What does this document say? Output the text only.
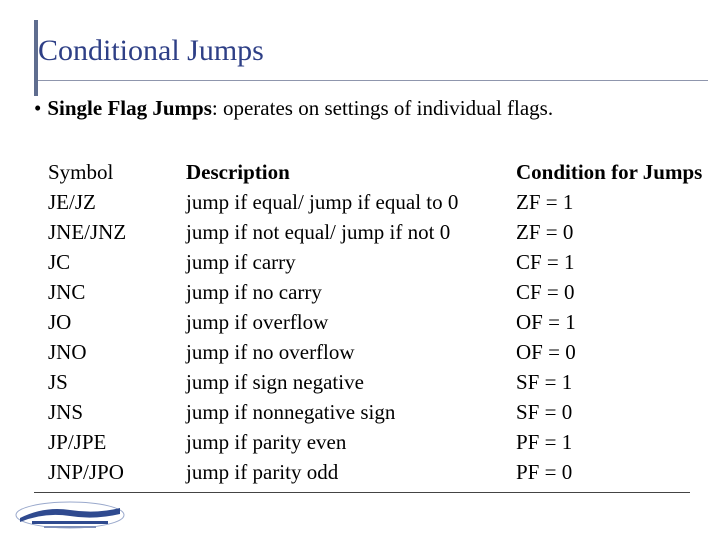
Conditional Jumps
• Single Flag Jumps: operates on settings of individual flags.
Symbol	Description	Condition for Jumps
JE/JZ	jump if equal/ jump if equal to 0	ZF = 1
JNE/JNZ	jump if not equal/ jump if not 0	ZF = 0
JC	jump if carry	CF = 1
JNC	jump if no carry	CF = 0
JO	jump if overflow	OF = 1
JNO	jump if no overflow	OF = 0
JS	jump if sign negative	SF = 1
JNS	jump if nonnegative sign	SF = 0
JP/JPE	jump if parity even	PF = 1
JNP/JPO	jump if parity odd	PF = 0
